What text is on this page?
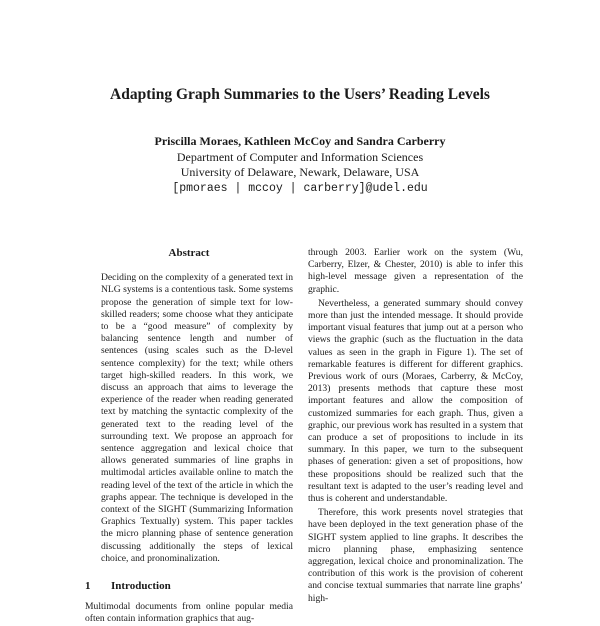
Adapting Graph Summaries to the Users’ Reading Levels
Priscilla Moraes, Kathleen McCoy and Sandra Carberry
Department of Computer and Information Sciences
University of Delaware, Newark, Delaware, USA
[pmoraes | mccoy | carberry]@udel.edu
Abstract
Deciding on the complexity of a generated text in NLG systems is a contentious task. Some systems propose the generation of simple text for low-skilled readers; some choose what they anticipate to be a “good measure” of complexity by balancing sentence length and number of sentences (using scales such as the D-level sentence complexity) for the text; while others target high-skilled readers. In this work, we discuss an approach that aims to leverage the experience of the reader when reading generated text by matching the syntactic complexity of the generated text to the reading level of the surrounding text. We propose an approach for sentence aggregation and lexical choice that allows generated summaries of line graphs in multimodal articles available online to match the reading level of the text of the article in which the graphs appear. The technique is developed in the context of the SIGHT (Summarizing Information Graphics Textually) system. This paper tackles the micro planning phase of sentence generation discussing additionally the steps of lexical choice, and pronominalization.
1 Introduction

Multimodal documents from online popular media often contain information graphics that aug-

through 2003. Earlier work on the system (Wu, Carberry, Elzer, & Chester, 2010) is able to infer this high-level message given a representation of the graphic.

Nevertheless, a generated summary should convey more than just the intended message. It should provide important visual features that jump out at a person who views the graphic (such as the fluctuation in the data values as seen in the graph in Figure 1). The set of remarkable features is different for different graphics. Previous work of ours (Moraes, Carberry, & McCoy, 2013) presents methods that capture these most important features and allow the composition of customized summaries for each graph. Thus, given a graphic, our previous work has resulted in a system that can produce a set of propositions to include in its summary. In this paper, we turn to the subsequent phases of generation: given a set of propositions, how these propositions should be realized such that the resultant text is adapted to the user’s reading level and thus is coherent and understandable.

Therefore, this work presents novel strategies that have been deployed in the text generation phase of the SIGHT system applied to line graphs. It describes the micro planning phase, emphasizing sentence aggregation, lexical choice and pronominalization. The contribution of this work is the provision of coherent and concise textual summaries that narrate line graphs’ high-
